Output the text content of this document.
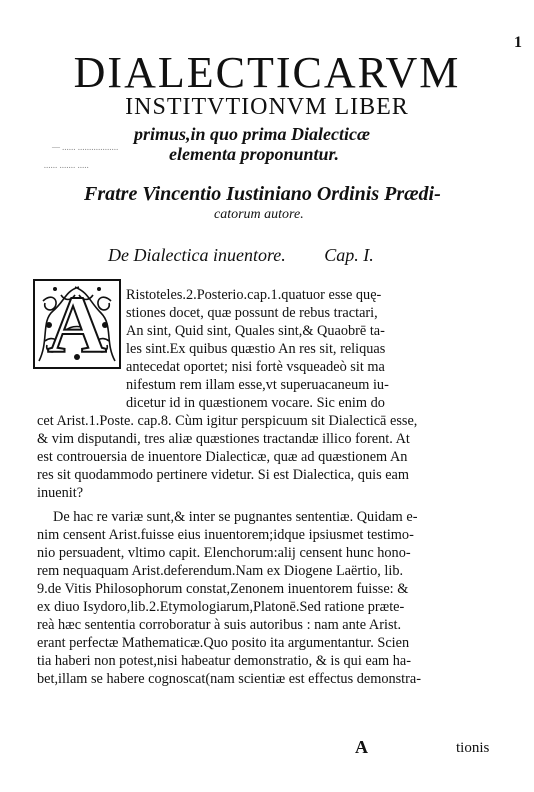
1
DIALECTICARVM
INSTITVTIONVM LIBER
primus,in quo prima Dialecticæ
— ...... ..................	elementa proponuntur.
...... ....... .....
Fratre Vincentio Iustiniano Ordinis Prædi-
catorum autore.
De Dialectica inuentore. Cap. I.
A	Ristoteles.2.Posterio.cap.1.quatuor esse quę-
stiones docet, quæ possunt de rebus tractari,
An sint, Quid sint, Quales sint,& Quaobrē ta-
les sint.Ex quibus quæstio An res sit, reliquas
antecedat oportet; nisi fortè vsqueadeò sit ma
nifestum rem illam esse,vt superuacaneum iu-
dicetur id in quæstionem vocare. Sic enim do
cet Arist.1.Poste. cap.8. Cùm igitur perspicuum sit Dialecticā esse,
& vim disputandi, tres aliæ quæstiones tractandæ illico forent. At
est controuersia de inuentore Dialecticæ, quæ ad quæstionem An
res sit quodammodo pertinere videtur. Si est Dialectica, quis eam
inuenit?
De hac re variæ sunt,& inter se pugnantes sententiæ. Quidam e-
nim censent Arist.fuisse eius inuentorem;idque ipsiusmet testimo-
nio persuadent, vltimo capit. Elenchorum:alij censent hunc hono-
rem nequaquam Arist.deferendum.Nam ex Diogene Laërtio, lib.
9.de Vitis Philosophorum constat,Zenonem inuentorem fuisse: &
ex diuo Isydoro,lib.2.Etymologiarum,Platonē.Sed ratione præte-
reà hæc sententia corroboratur à suis autoribus : nam ante Arist.
erant perfectæ Mathematicæ.Quo posito ita argumentantur. Scien
tia haberi non potest,nisi habeatur demonstratio, & is qui eam ha-
bet,illam se habere cognoscat(nam scientiæ est effectus demonstra-
A	tionis
